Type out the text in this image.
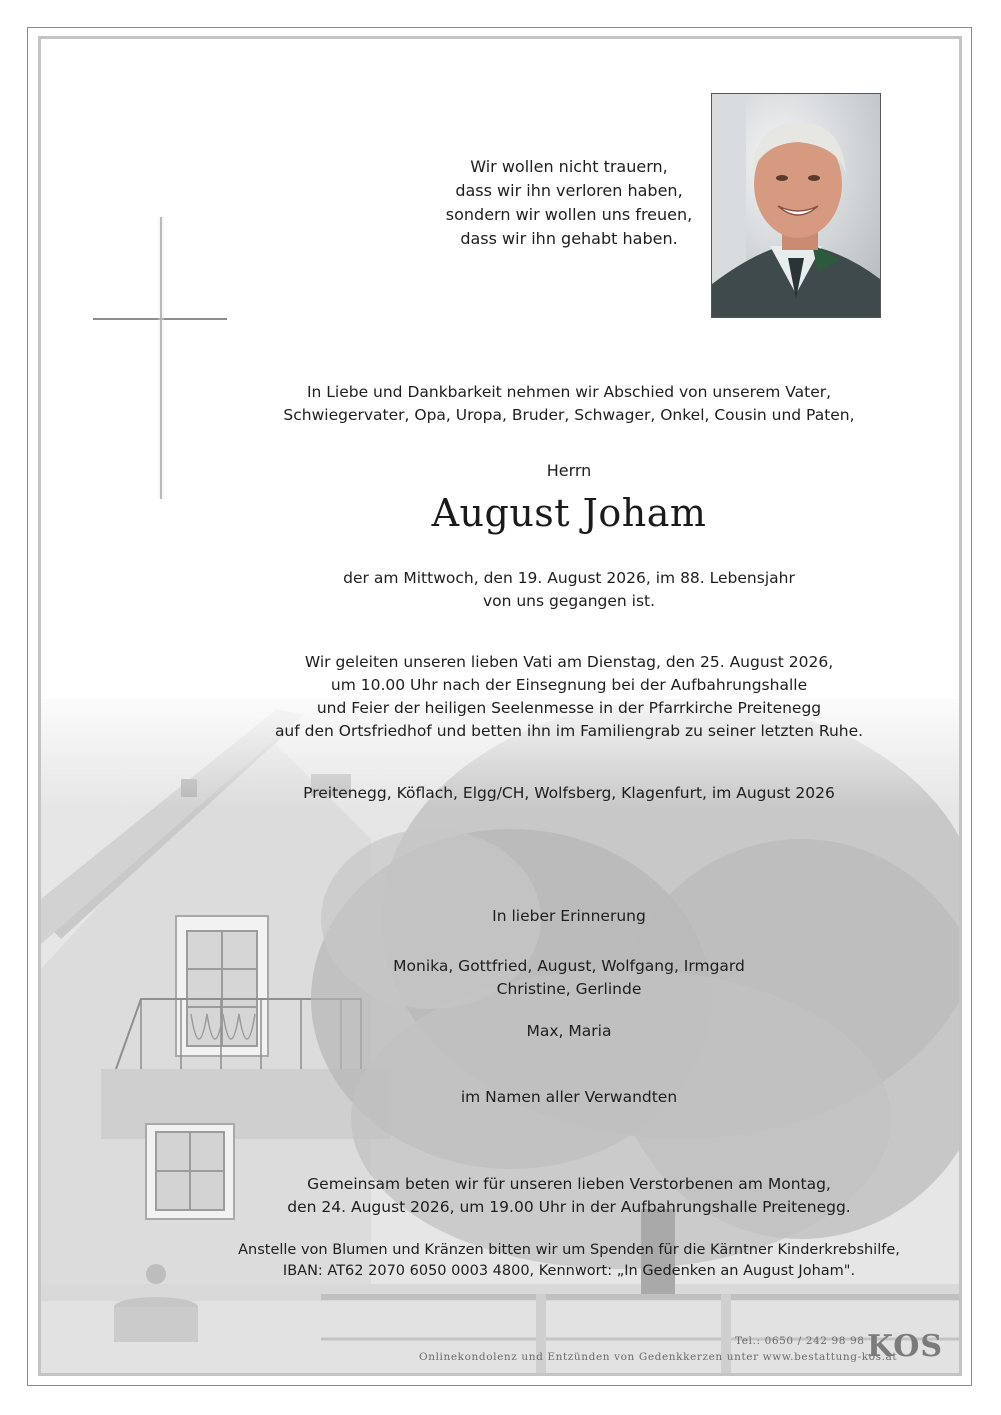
Wir wollen nicht trauern,
dass wir ihn verloren haben,
sondern wir wollen uns freuen,
dass wir ihn gehabt haben.
In Liebe und Dankbarkeit nehmen wir Abschied von unserem Vater,
Schwiegervater, Opa, Uropa, Bruder, Schwager, Onkel, Cousin und Paten,
Herrn
August Joham
der am Mittwoch, den 19. August 2026, im 88. Lebensjahr
von uns gegangen ist.
Wir geleiten unseren lieben Vati am Dienstag, den 25. August 2026,
um 10.00 Uhr nach der Einsegnung bei der Aufbahrungshalle
und Feier der heiligen Seelenmesse in der Pfarrkirche Preitenegg
auf den Ortsfriedhof und betten ihn im Familiengrab zu seiner letzten Ruhe.
Preitenegg, Köflach, Elgg/CH, Wolfsberg, Klagenfurt, im August 2026
In lieber Erinnerung
Monika, Gottfried, August, Wolfgang, Irmgard
Christine, Gerlinde
Max, Maria
im Namen aller Verwandten
Gemeinsam beten wir für unseren lieben Verstorbenen am Montag,
den 24. August 2026, um 19.00 Uhr in der Aufbahrungshalle Preitenegg.
Anstelle von Blumen und Kränzen bitten wir um Spenden für die Kärntner Kinderkrebshilfe,
IBAN: AT62 2070 6050 0003 4800, Kennwort: „In Gedenken an August Joham".
Tel.: 0650 / 242 98 98
Onlinekondolenz und Entzünden von Gedenkkerzen unter www.bestattung-kos.at
KOS
